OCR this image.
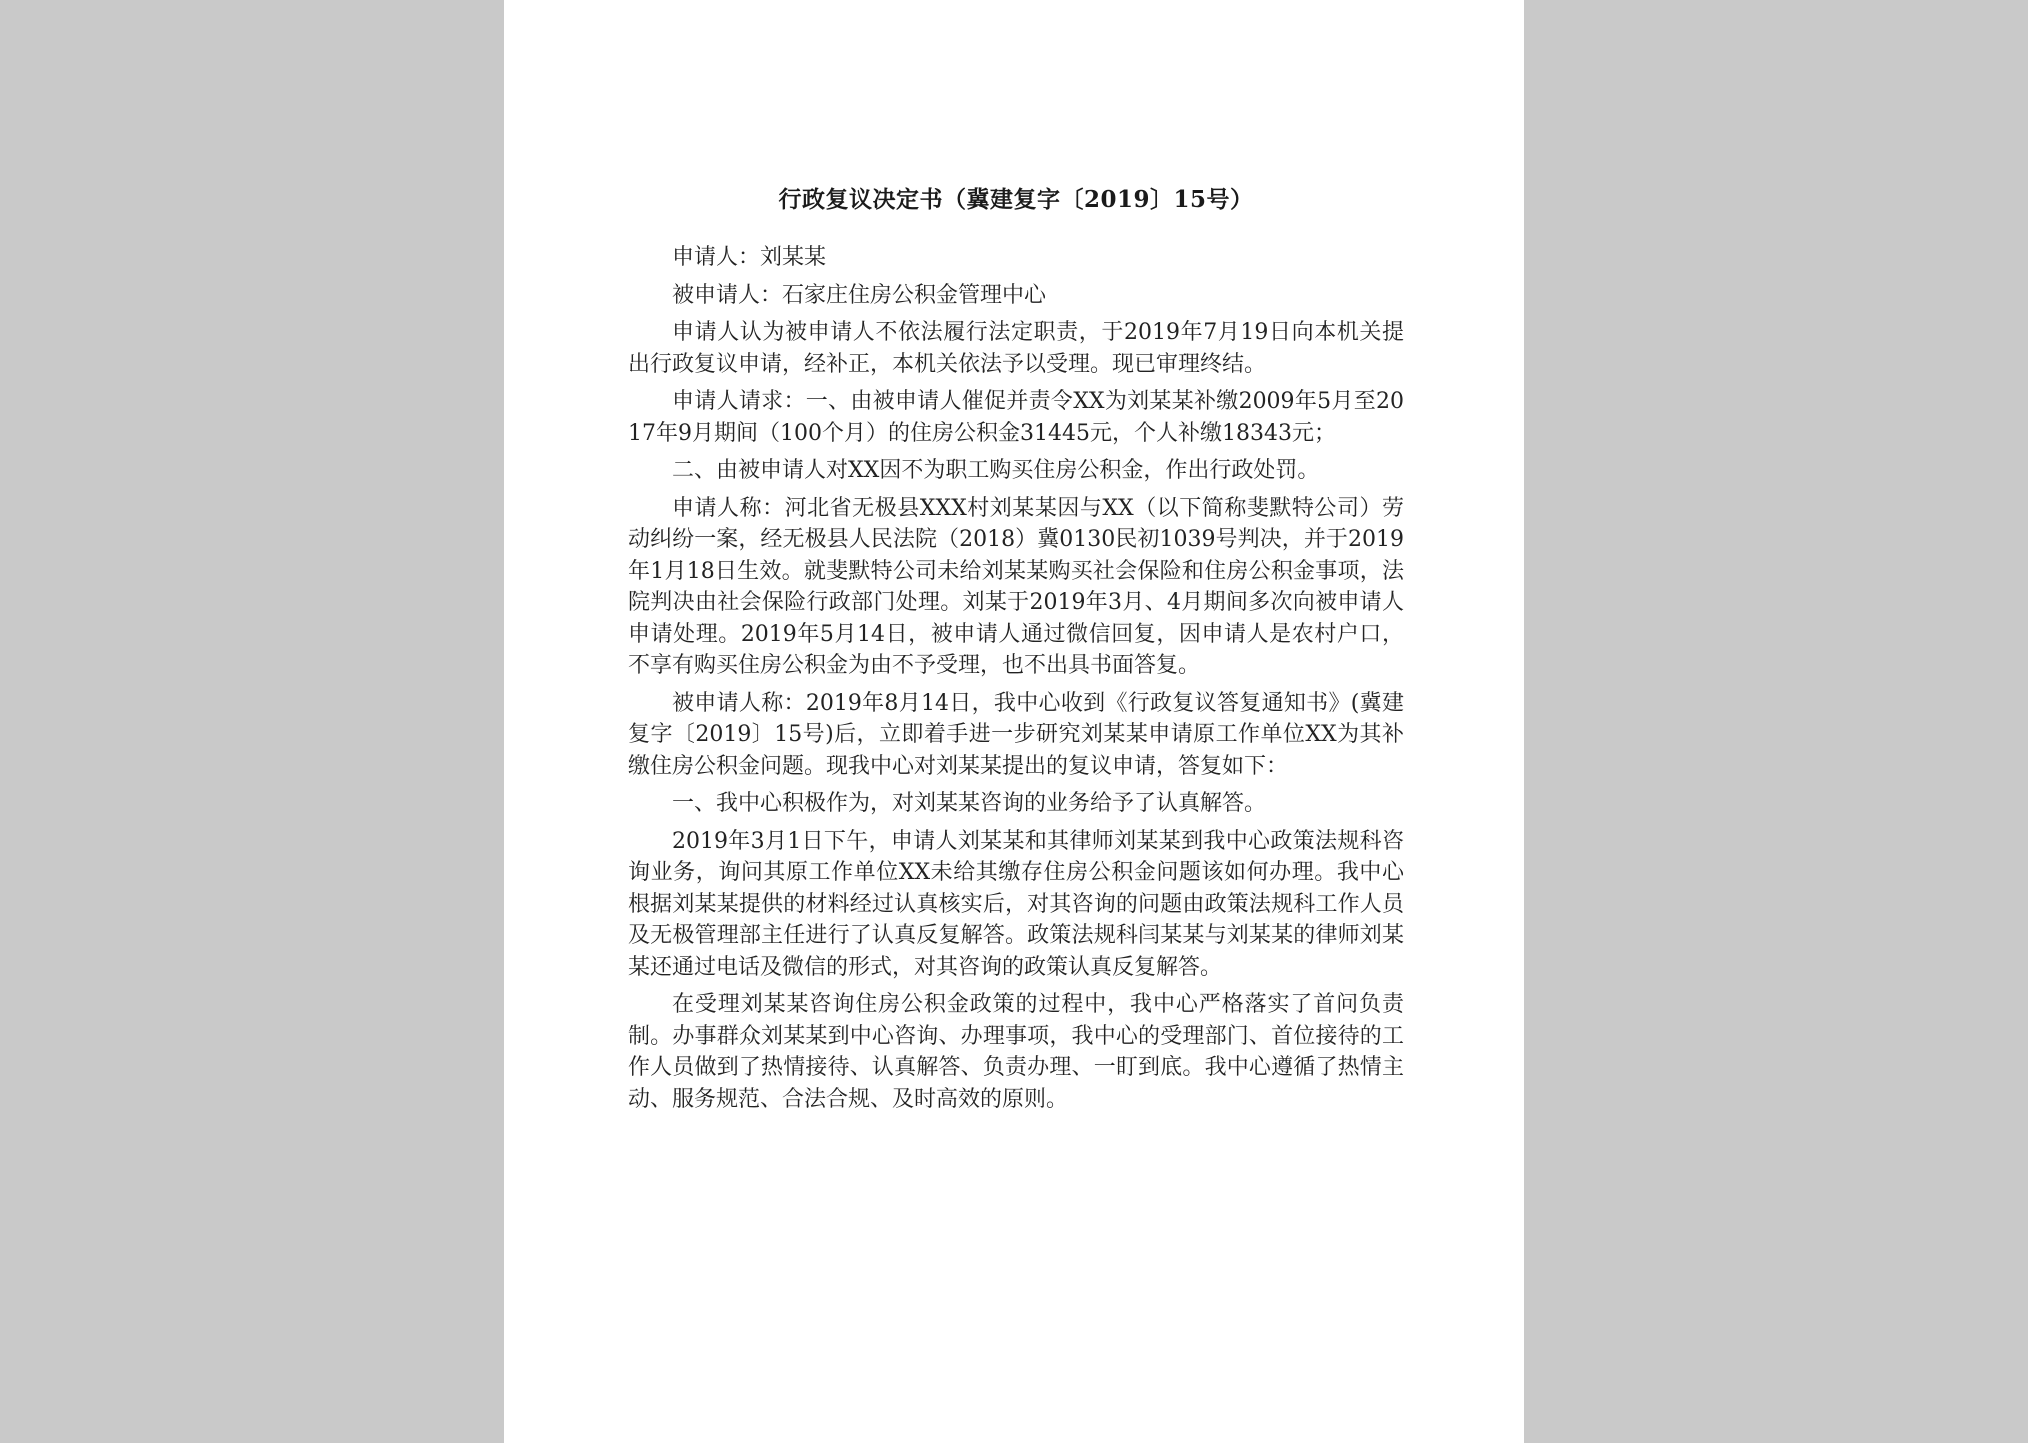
行政复议决定书（冀建复字〔2019〕15号）

申请人：刘某某

被申请人：石家庄住房公积金管理中心

申请人认为被申请人不依法履行法定职责，于2019年7月19日向本机关提出行政复议申请，经补正，本机关依法予以受理。现已审理终结。

申请人请求：一、由被申请人催促并责令XX为刘某某补缴2009年5月至2017年9月期间（100个月）的住房公积金31445元，个人补缴18343元；

二、由被申请人对XX因不为职工购买住房公积金，作出行政处罚。

申请人称：河北省无极县XXX村刘某某因与XX（以下简称斐默特公司）劳动纠纷一案，经无极县人民法院（2018）冀0130民初1039号判决，并于2019年1月18日生效。就斐默特公司未给刘某某购买社会保险和住房公积金事项，法院判决由社会保险行政部门处理。刘某于2019年3月、4月期间多次向被申请人申请处理。2019年5月14日，被申请人通过微信回复，因申请人是农村户口，不享有购买住房公积金为由不予受理，也不出具书面答复。

被申请人称：2019年8月14日，我中心收到《行政复议答复通知书》(冀建复字〔2019〕15号)后，立即着手进一步研究刘某某申请原工作单位XX为其补缴住房公积金问题。现我中心对刘某某提出的复议申请，答复如下：

一、我中心积极作为，对刘某某咨询的业务给予了认真解答。

2019年3月1日下午，申请人刘某某和其律师刘某某到我中心政策法规科咨询业务，询问其原工作单位XX未给其缴存住房公积金问题该如何办理。我中心根据刘某某提供的材料经过认真核实后，对其咨询的问题由政策法规科工作人员及无极管理部主任进行了认真反复解答。政策法规科闫某某与刘某某的律师刘某某还通过电话及微信的形式，对其咨询的政策认真反复解答。

在受理刘某某咨询住房公积金政策的过程中，我中心严格落实了首问负责制。办事群众刘某某到中心咨询、办理事项，我中心的受理部门、首位接待的工作人员做到了热情接待、认真解答、负责办理、一盯到底。我中心遵循了热情主动、服务规范、合法合规、及时高效的原则。
